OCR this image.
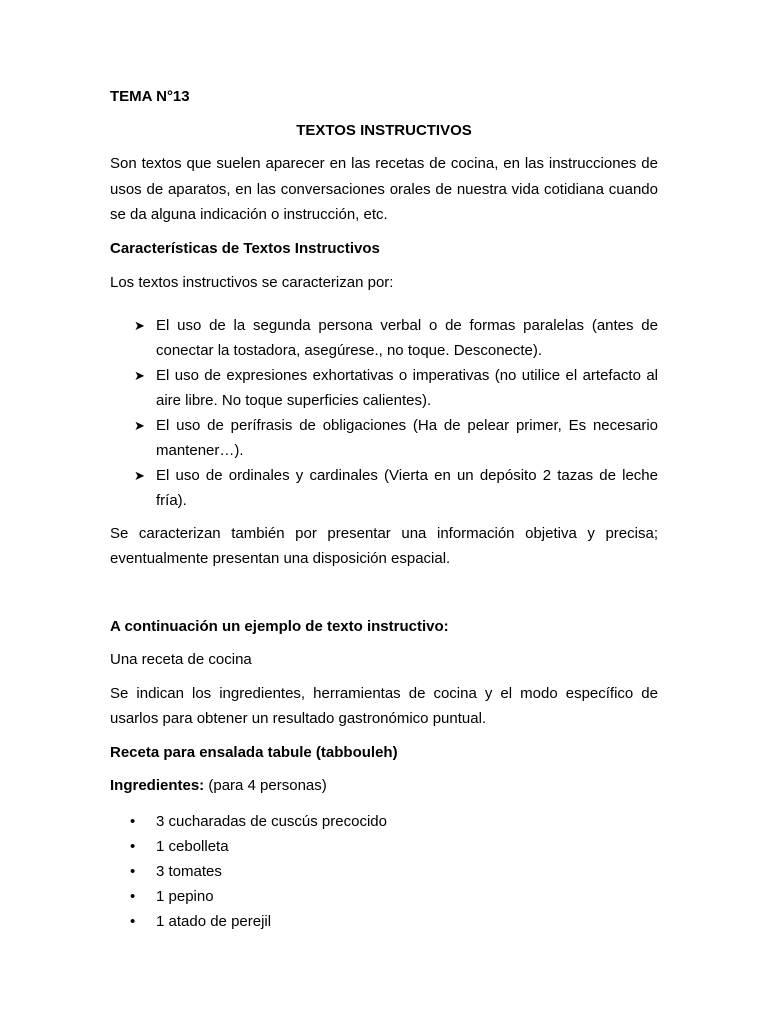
TEMA N°13

TEXTOS INSTRUCTIVOS

Son textos que suelen aparecer en las recetas de cocina, en las instrucciones de usos de aparatos, en las conversaciones orales de nuestra vida cotidiana cuando se da alguna indicación o instrucción, etc.

Características de Textos Instructivos

Los textos instructivos se caracterizan por:

➤ El uso de la segunda persona verbal o de formas paralelas (antes de conectar la tostadora, asegúrese., no toque. Desconecte).
➤ El uso de expresiones exhortativas o imperativas (no utilice el artefacto al aire libre. No toque superficies calientes).
➤ El uso de perífrasis de obligaciones (Ha de pelear primer, Es necesario mantener…).
➤ El uso de ordinales y cardinales (Vierta en un depósito 2 tazas de leche fría).

Se caracterizan también por presentar una información objetiva y precisa; eventualmente presentan una disposición espacial.

A continuación un ejemplo de texto instructivo:

Una receta de cocina

Se indican los ingredientes, herramientas de cocina y el modo específico de usarlos para obtener un resultado gastronómico puntual.

Receta para ensalada tabule (tabbouleh)

Ingredientes: (para 4 personas)

• 3 cucharadas de cuscús precocido
• 1 cebolleta
• 3 tomates
• 1 pepino
• 1 atado de perejil
